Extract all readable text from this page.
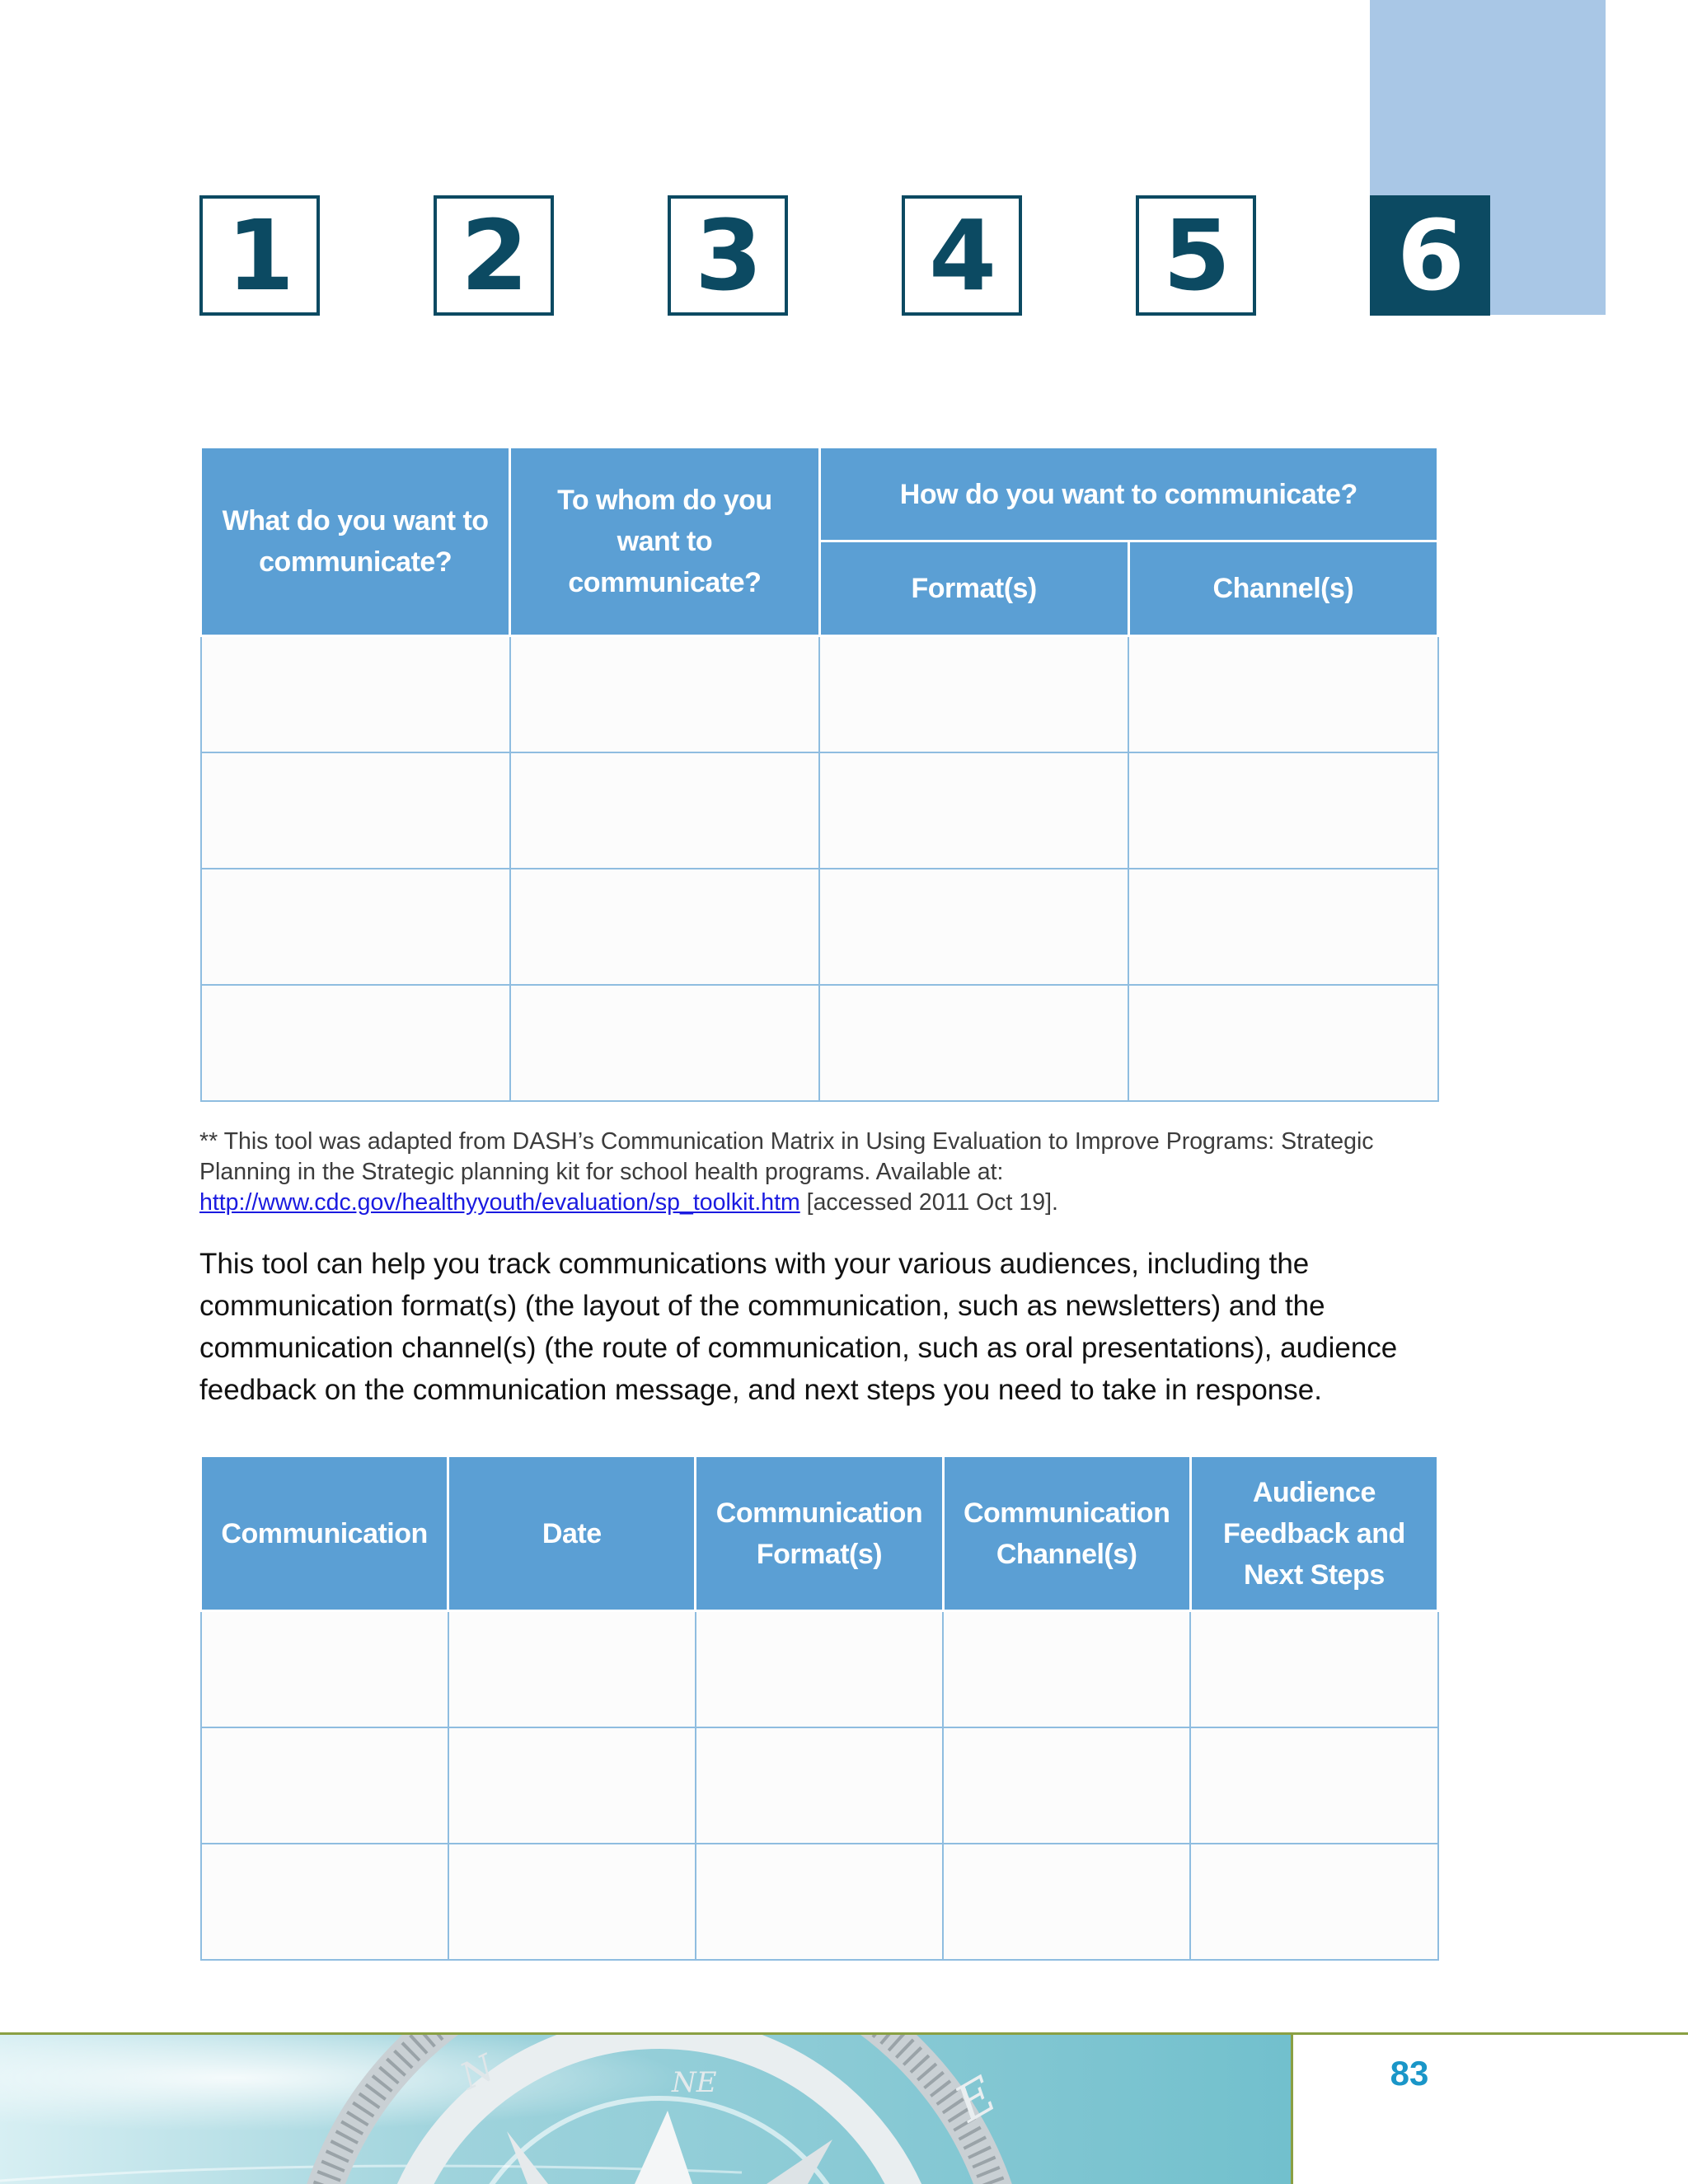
1 2 3 4 5 6
What do you want to communicate?	To whom do you want to communicate?	How do you want to communicate?	
		Format(s)	Channel(s)

** This tool was adapted from DASH’s Communication Matrix in Using Evaluation to Improve Programs: Strategic Planning in the Strategic planning kit for school health programs. Available at: http://www.cdc.gov/healthyyouth/evaluation/sp_toolkit.htm [accessed 2011 Oct 19].
This tool can help you track communications with your various audiences, including the communication format(s) (the layout of the communication, such as newsletters) and the communication channel(s) (the route of communication, such as oral presentations), audience feedback on the communication message, and next steps you need to take in response.
Communication	Date	Communication Format(s)	Communication Channel(s)	Audience Feedback and Next Steps

N	NE	E	83
